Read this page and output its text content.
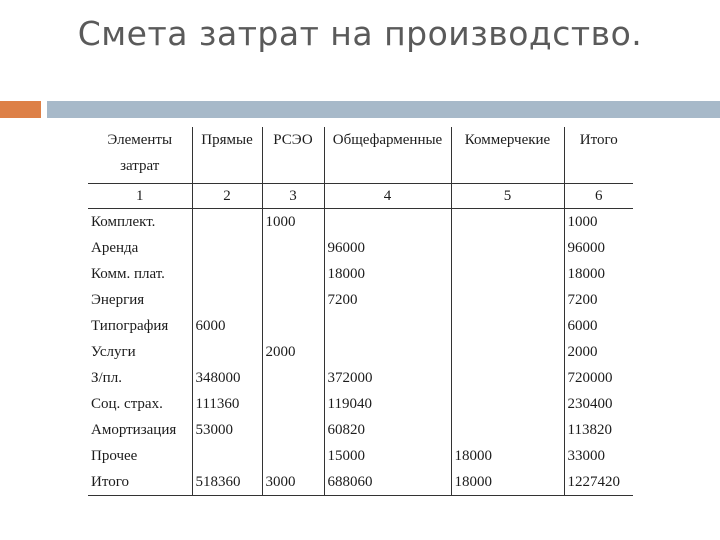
Смета затрат на производство.
Элементы
затрат	Прямые	РСЭО	Общефарменные	Коммерчекие	Итого
1	2	3	4	5	6
Комплект.		1000			1000
Аренда			96000		96000
Комм. плат.			18000		18000
Энергия			7200		7200
Типография	6000				6000
Услуги		2000			2000
З/пл.	348000		372000		720000
Соц. страх.	111360		119040		230400
Амортизация	53000		60820		113820
Прочее			15000	18000	33000
Итого	518360	3000	688060	18000	1227420
